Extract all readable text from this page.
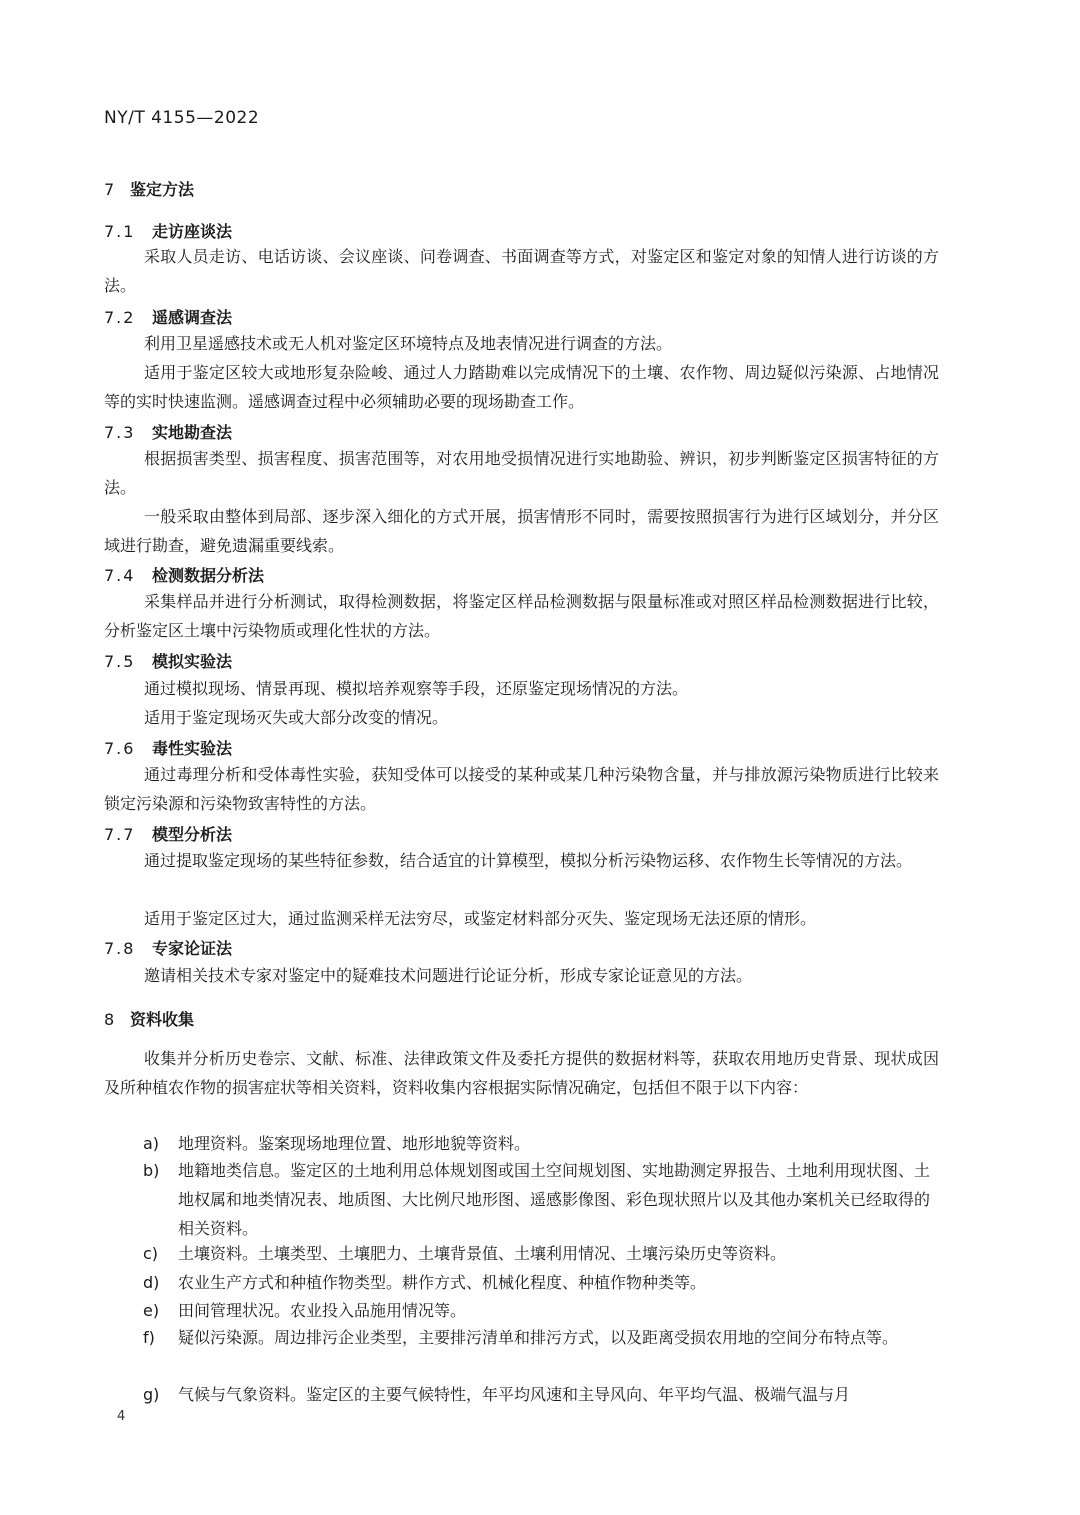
NY/T 4155—2022
7 鉴定方法
7.1 走访座谈法
采取人员走访、电话访谈、会议座谈、问卷调查、书面调查等方式，对鉴定区和鉴定对象的知情人进行访谈的方法。
7.2 遥感调查法
利用卫星遥感技术或无人机对鉴定区环境特点及地表情况进行调查的方法。
适用于鉴定区较大或地形复杂险峻、通过人力踏勘难以完成情况下的土壤、农作物、周边疑似污染源、占地情况等的实时快速监测。遥感调查过程中必须辅助必要的现场勘查工作。
7.3 实地勘查法
根据损害类型、损害程度、损害范围等，对农用地受损情况进行实地勘验、辨识，初步判断鉴定区损害特征的方法。
一般采取由整体到局部、逐步深入细化的方式开展，损害情形不同时，需要按照损害行为进行区域划分，并分区域进行勘查，避免遗漏重要线索。
7.4 检测数据分析法
采集样品并进行分析测试，取得检测数据，将鉴定区样品检测数据与限量标准或对照区样品检测数据进行比较，分析鉴定区土壤中污染物质或理化性状的方法。
7.5 模拟实验法
通过模拟现场、情景再现、模拟培养观察等手段，还原鉴定现场情况的方法。
适用于鉴定现场灭失或大部分改变的情况。
7.6 毒性实验法
通过毒理分析和受体毒性实验，获知受体可以接受的某种或某几种污染物含量，并与排放源污染物质进行比较来锁定污染源和污染物致害特性的方法。
7.7 模型分析法
通过提取鉴定现场的某些特征参数，结合适宜的计算模型，模拟分析污染物运移、农作物生长等情况的方法。
适用于鉴定区过大，通过监测采样无法穷尽，或鉴定材料部分灭失、鉴定现场无法还原的情形。
7.8 专家论证法
邀请相关技术专家对鉴定中的疑难技术问题进行论证分析，形成专家论证意见的方法。
8 资料收集
收集并分析历史卷宗、文献、标准、法律政策文件及委托方提供的数据材料等，获取农用地历史背景、现状成因及所种植农作物的损害症状等相关资料，资料收集内容根据实际情况确定，包括但不限于以下内容：
a)	地理资料。鉴案现场地理位置、地形地貌等资料。
b)	地籍地类信息。鉴定区的土地利用总体规划图或国土空间规划图、实地勘测定界报告、土地利用现状图、土地权属和地类情况表、地质图、大比例尺地形图、遥感影像图、彩色现状照片以及其他办案机关已经取得的相关资料。
c)	土壤资料。土壤类型、土壤肥力、土壤背景值、土壤利用情况、土壤污染历史等资料。
d)	农业生产方式和种植作物类型。耕作方式、机械化程度、种植作物种类等。
e)	田间管理状况。农业投入品施用情况等。
f)	疑似污染源。周边排污企业类型，主要排污清单和排污方式，以及距离受损农用地的空间分布特点等。
g)	气候与气象资料。鉴定区的主要气候特性，年平均风速和主导风向、年平均气温、极端气温与月
4
